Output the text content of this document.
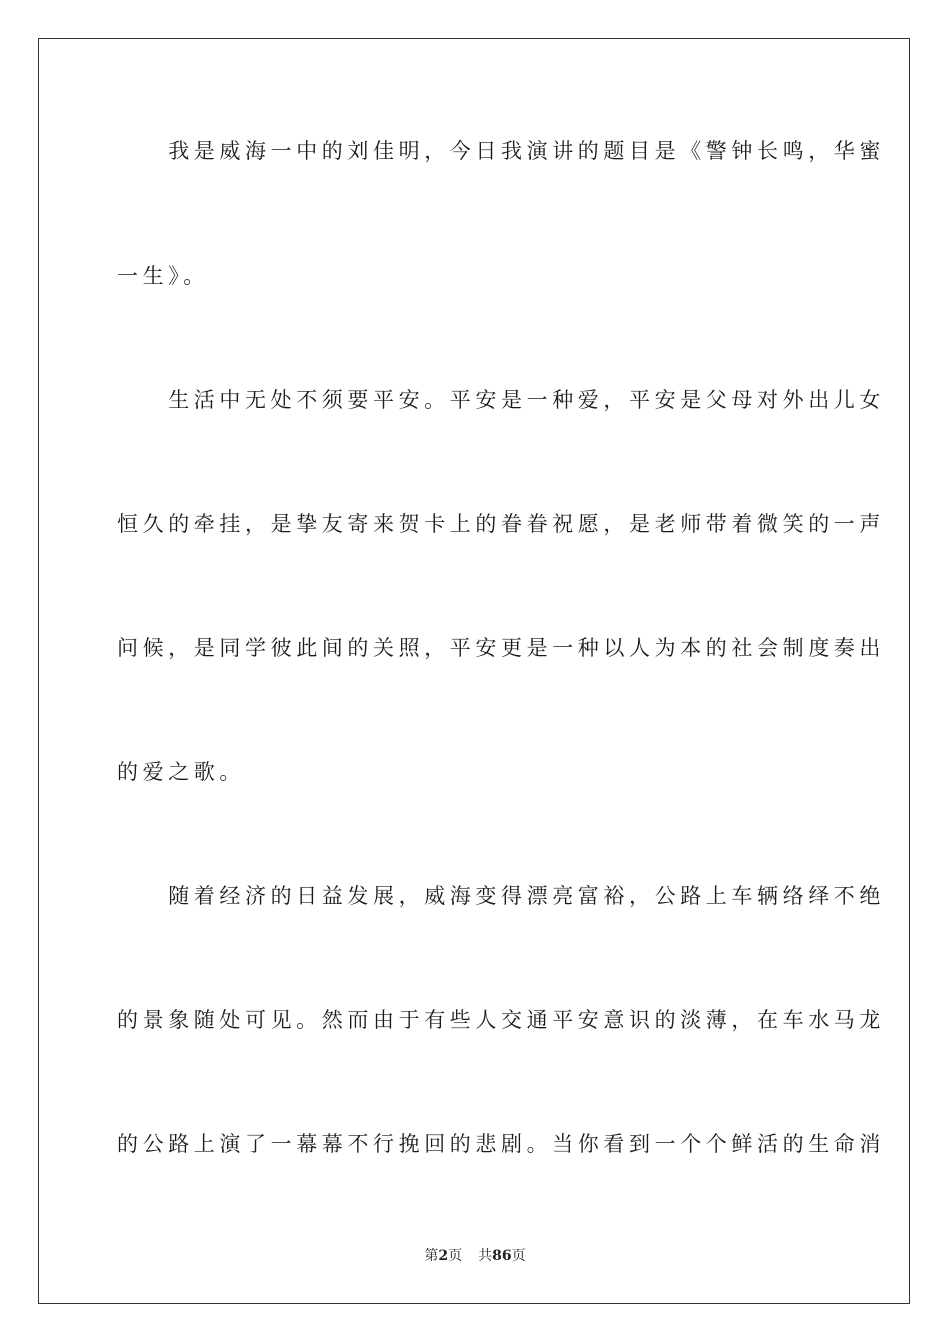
　　我是威海一中的刘佳明，今日我演讲的题目是《警钟长鸣，华蜜
一生》。
　　生活中无处不须要平安。平安是一种爱，平安是父母对外出儿女
恒久的牵挂，是挚友寄来贺卡上的眷眷祝愿，是老师带着微笑的一声
问候，是同学彼此间的关照，平安更是一种以人为本的社会制度奏出
的爱之歌。
　　随着经济的日益发展，威海变得漂亮富裕，公路上车辆络绎不绝
的景象随处可见。然而由于有些人交通平安意识的淡薄，在车水马龙
的公路上演了一幕幕不行挽回的悲剧。当你看到一个个鲜活的生命消
第2页 共86页
